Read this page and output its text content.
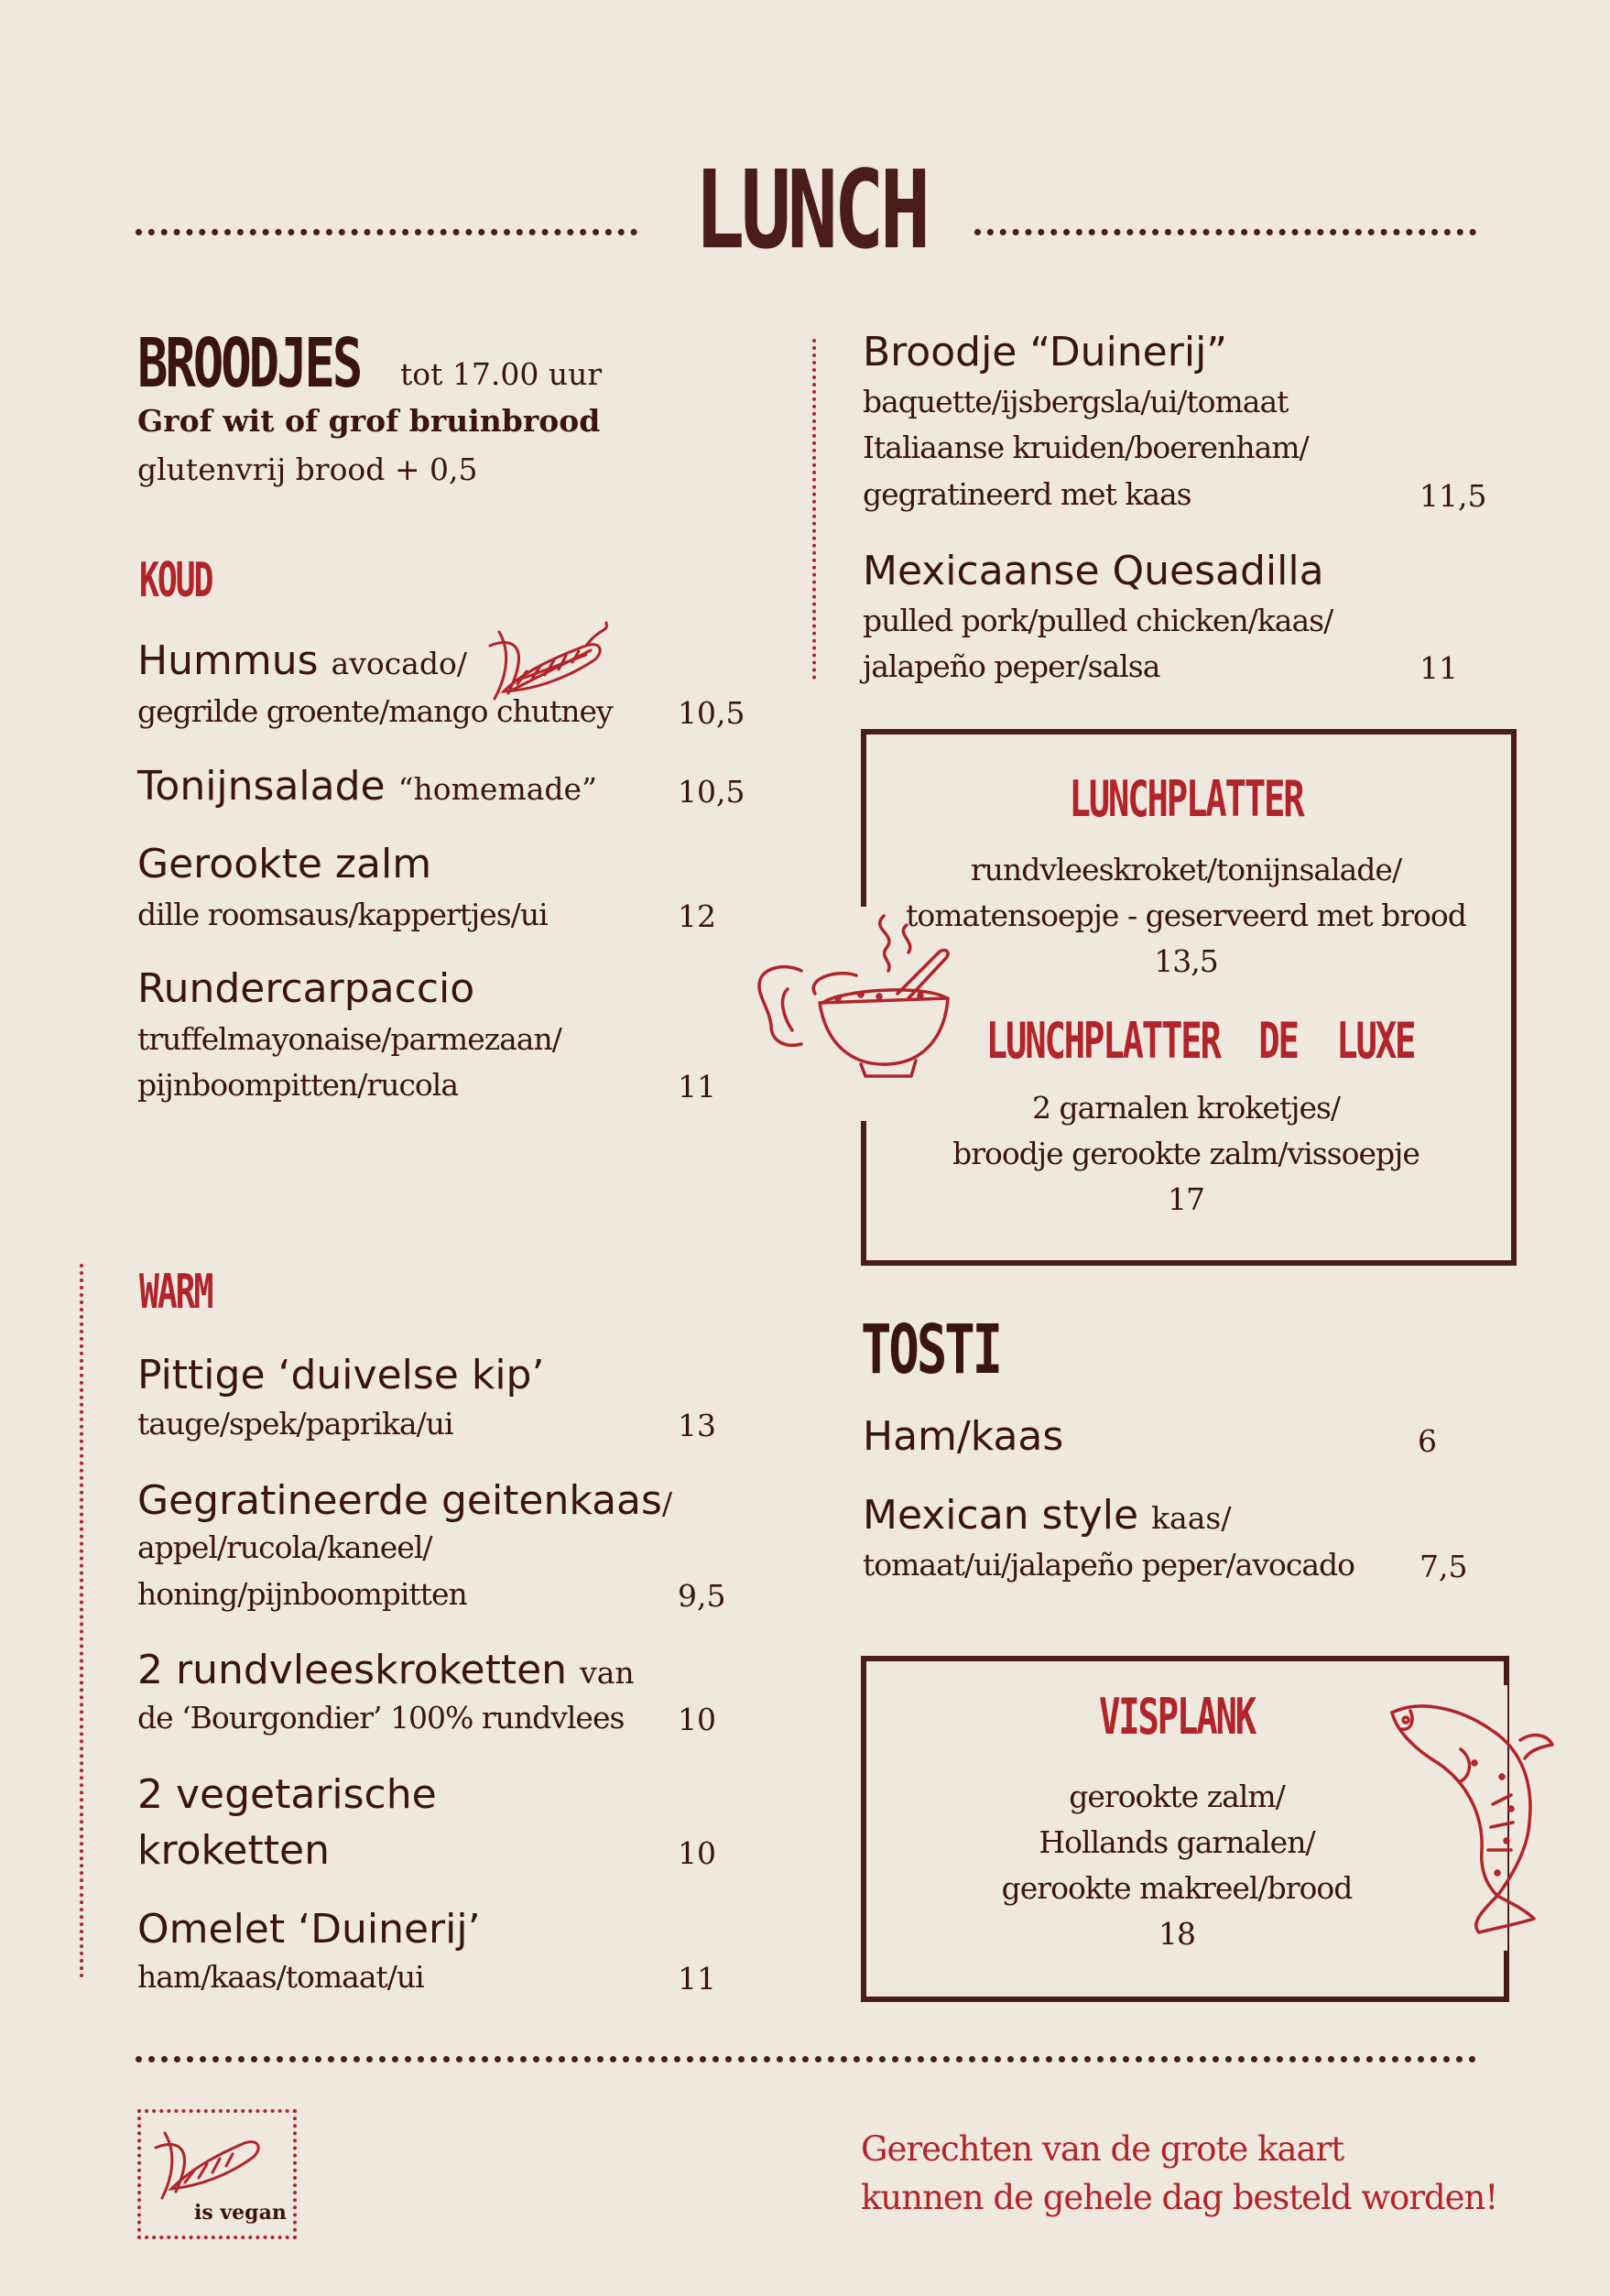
LUNCH
BROODJES tot 17.00 uur
Grof wit of grof bruinbrood
glutenvrij brood + 0,5
KOUD
Hummus avocado/
gegrilde groente/mango chutney 10,5
Tonijnsalade “homemade”	10,5
Gerookte zalm
dille roomsaus/kappertjes/ui	12
Rundercarpaccio
truffelmayonaise/parmezaan/
pijnboompitten/rucola	11
WARM
Pittige ‘duivelse kip’
tauge/spek/paprika/ui	13
Gegratineerde geitenkaas/
appel/rucola/kaneel/
honing/pijnboompitten	9,5
2 rundvleeskroketten van
de ‘Bourgondier’ 100% rundvlees 10
2 vegetarische
kroketten	10
Omelet ‘Duinerij’
ham/kaas/tomaat/ui	11
Broodje “Duinerij”
baquette/ijsbergsla/ui/tomaat
Italiaanse kruiden/boerenham/
gegratineerd met kaas	11,5
Mexicaanse Quesadilla
pulled pork/pulled chicken/kaas/
jalapeño peper/salsa	11
LUNCHPLATTER
rundvleeskroket/tonijnsalade/
tomatensoepje - geserveerd met brood
13,5
LUNCHPLATTER  DE  LUXE
2 garnalen kroketjes/
broodje gerookte zalm/vissoepje
17
TOSTI
Ham/kaas	6
Mexican style kaas/
tomaat/ui/jalapeño peper/avocado 7,5
VISPLANK
gerookte zalm/
Hollands garnalen/
gerookte makreel/brood
18
is vegan
Gerechten van de grote kaart
kunnen de gehele dag besteld worden!
